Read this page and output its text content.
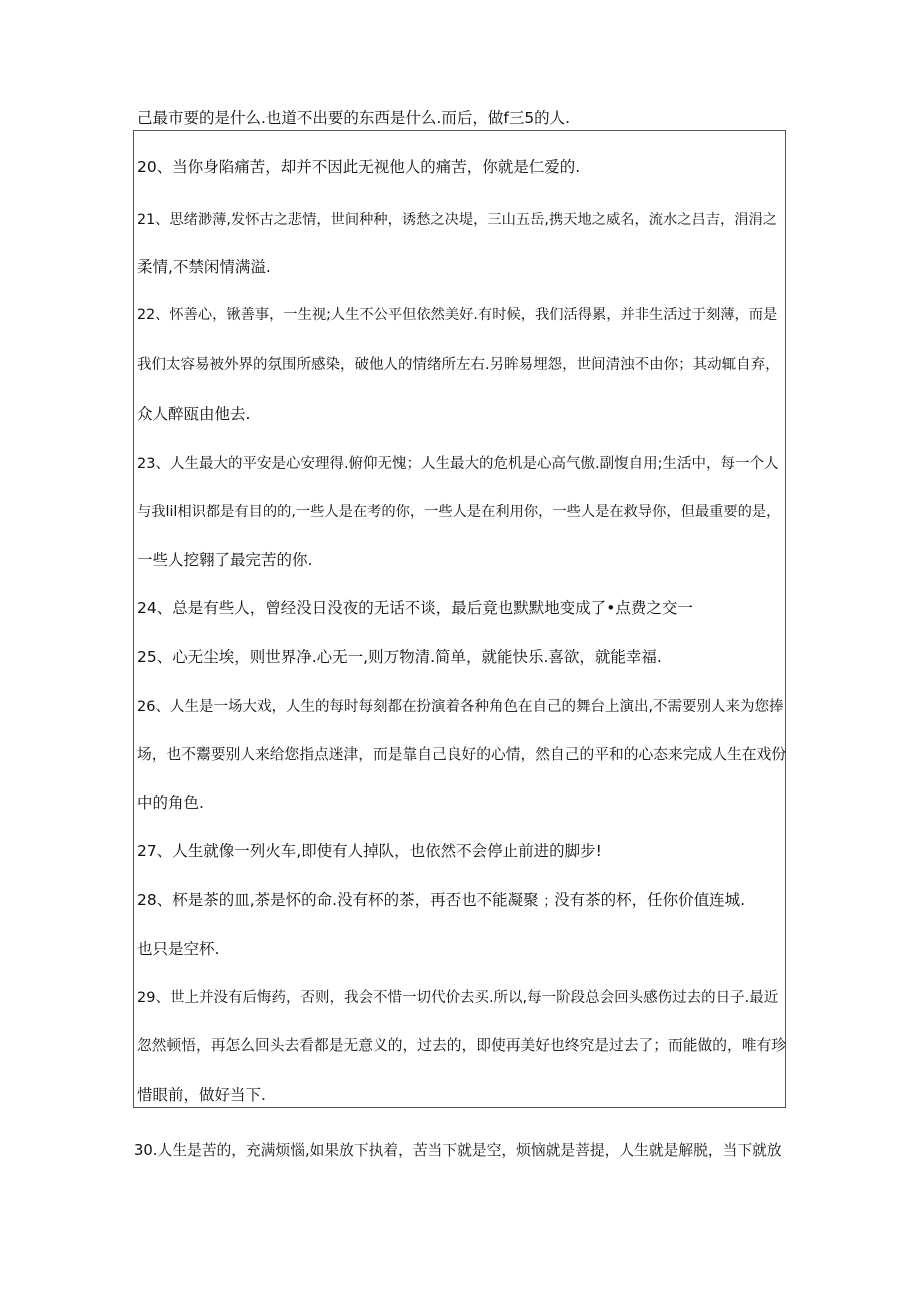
己最市要的是什么.也道不出要的东西是什么.而后，做f三5的人.
20、当你身陷痛苦，却并不因此无视他人的痛苦，你就是仁爱的.
21、思绪渺薄,发怀古之悲情，世间种种，诱愁之决堤，三山五岳,携天地之威名，流水之吕吉，涓涓之
柔情,不禁闲情满溢.
22、怀善心，锹善事，一生视;人生不公平但依然美好.有时候，我们活得累，并非生活过于刻薄，而是
我们太容易被外界的氛围所感染，破他人的情绪所左右.另眸易埋怨，世间清浊不由你；其动辄自弃，
众人醉瓯由他去.
23、人生最大的平安是心安理得.俯仰无愧；人生最大的危机是心高气傲.副愎自用;生活中，每一个人
与我lil相识都是有目的的,一些人是在考的你，一些人是在利用你，一些人是在救导你，但最重要的是，
一些人挖翱了最完苦的你.
24、总是有些人，曾经没日没夜的无话不谈，最后竟也默默地变成了•点费之交一
25、心无尘埃，则世界净.心无一,则万物清.简单，就能快乐.喜欲，就能幸福.
26、人生是一场大戏，人生的每时每刻都在扮演着各种角色在自己的舞台上演出,不需要别人来为您捧
场，也不鬻要别人来给您指点迷津，而是靠自己良好的心情，然自己的平和的心态来完成人生在戏份
中的角色.
27、人生就像一列火车,即使有人掉队，也依然不会停止前进的脚步!
28、杯是茶的皿,茶是怀的命.没有杯的茶，再否也不能凝聚﹔没有茶的杯，任你价值连城.
也只是空杯.
29、世上并没有后悔药，否则，我会不惜一切代价去买.所以,每一阶段总会回头感伤过去的日子.最近
忽然顿悟，再怎么回头去看都是无意义的，过去的，即使再美好也终究是过去了；而能做的，唯有珍
惜眼前，做好当下.
30.人生是苦的，充满烦惱,如果放下执着，苦当下就是空，烦恼就是菩提，人生就是解脱，当下就放
